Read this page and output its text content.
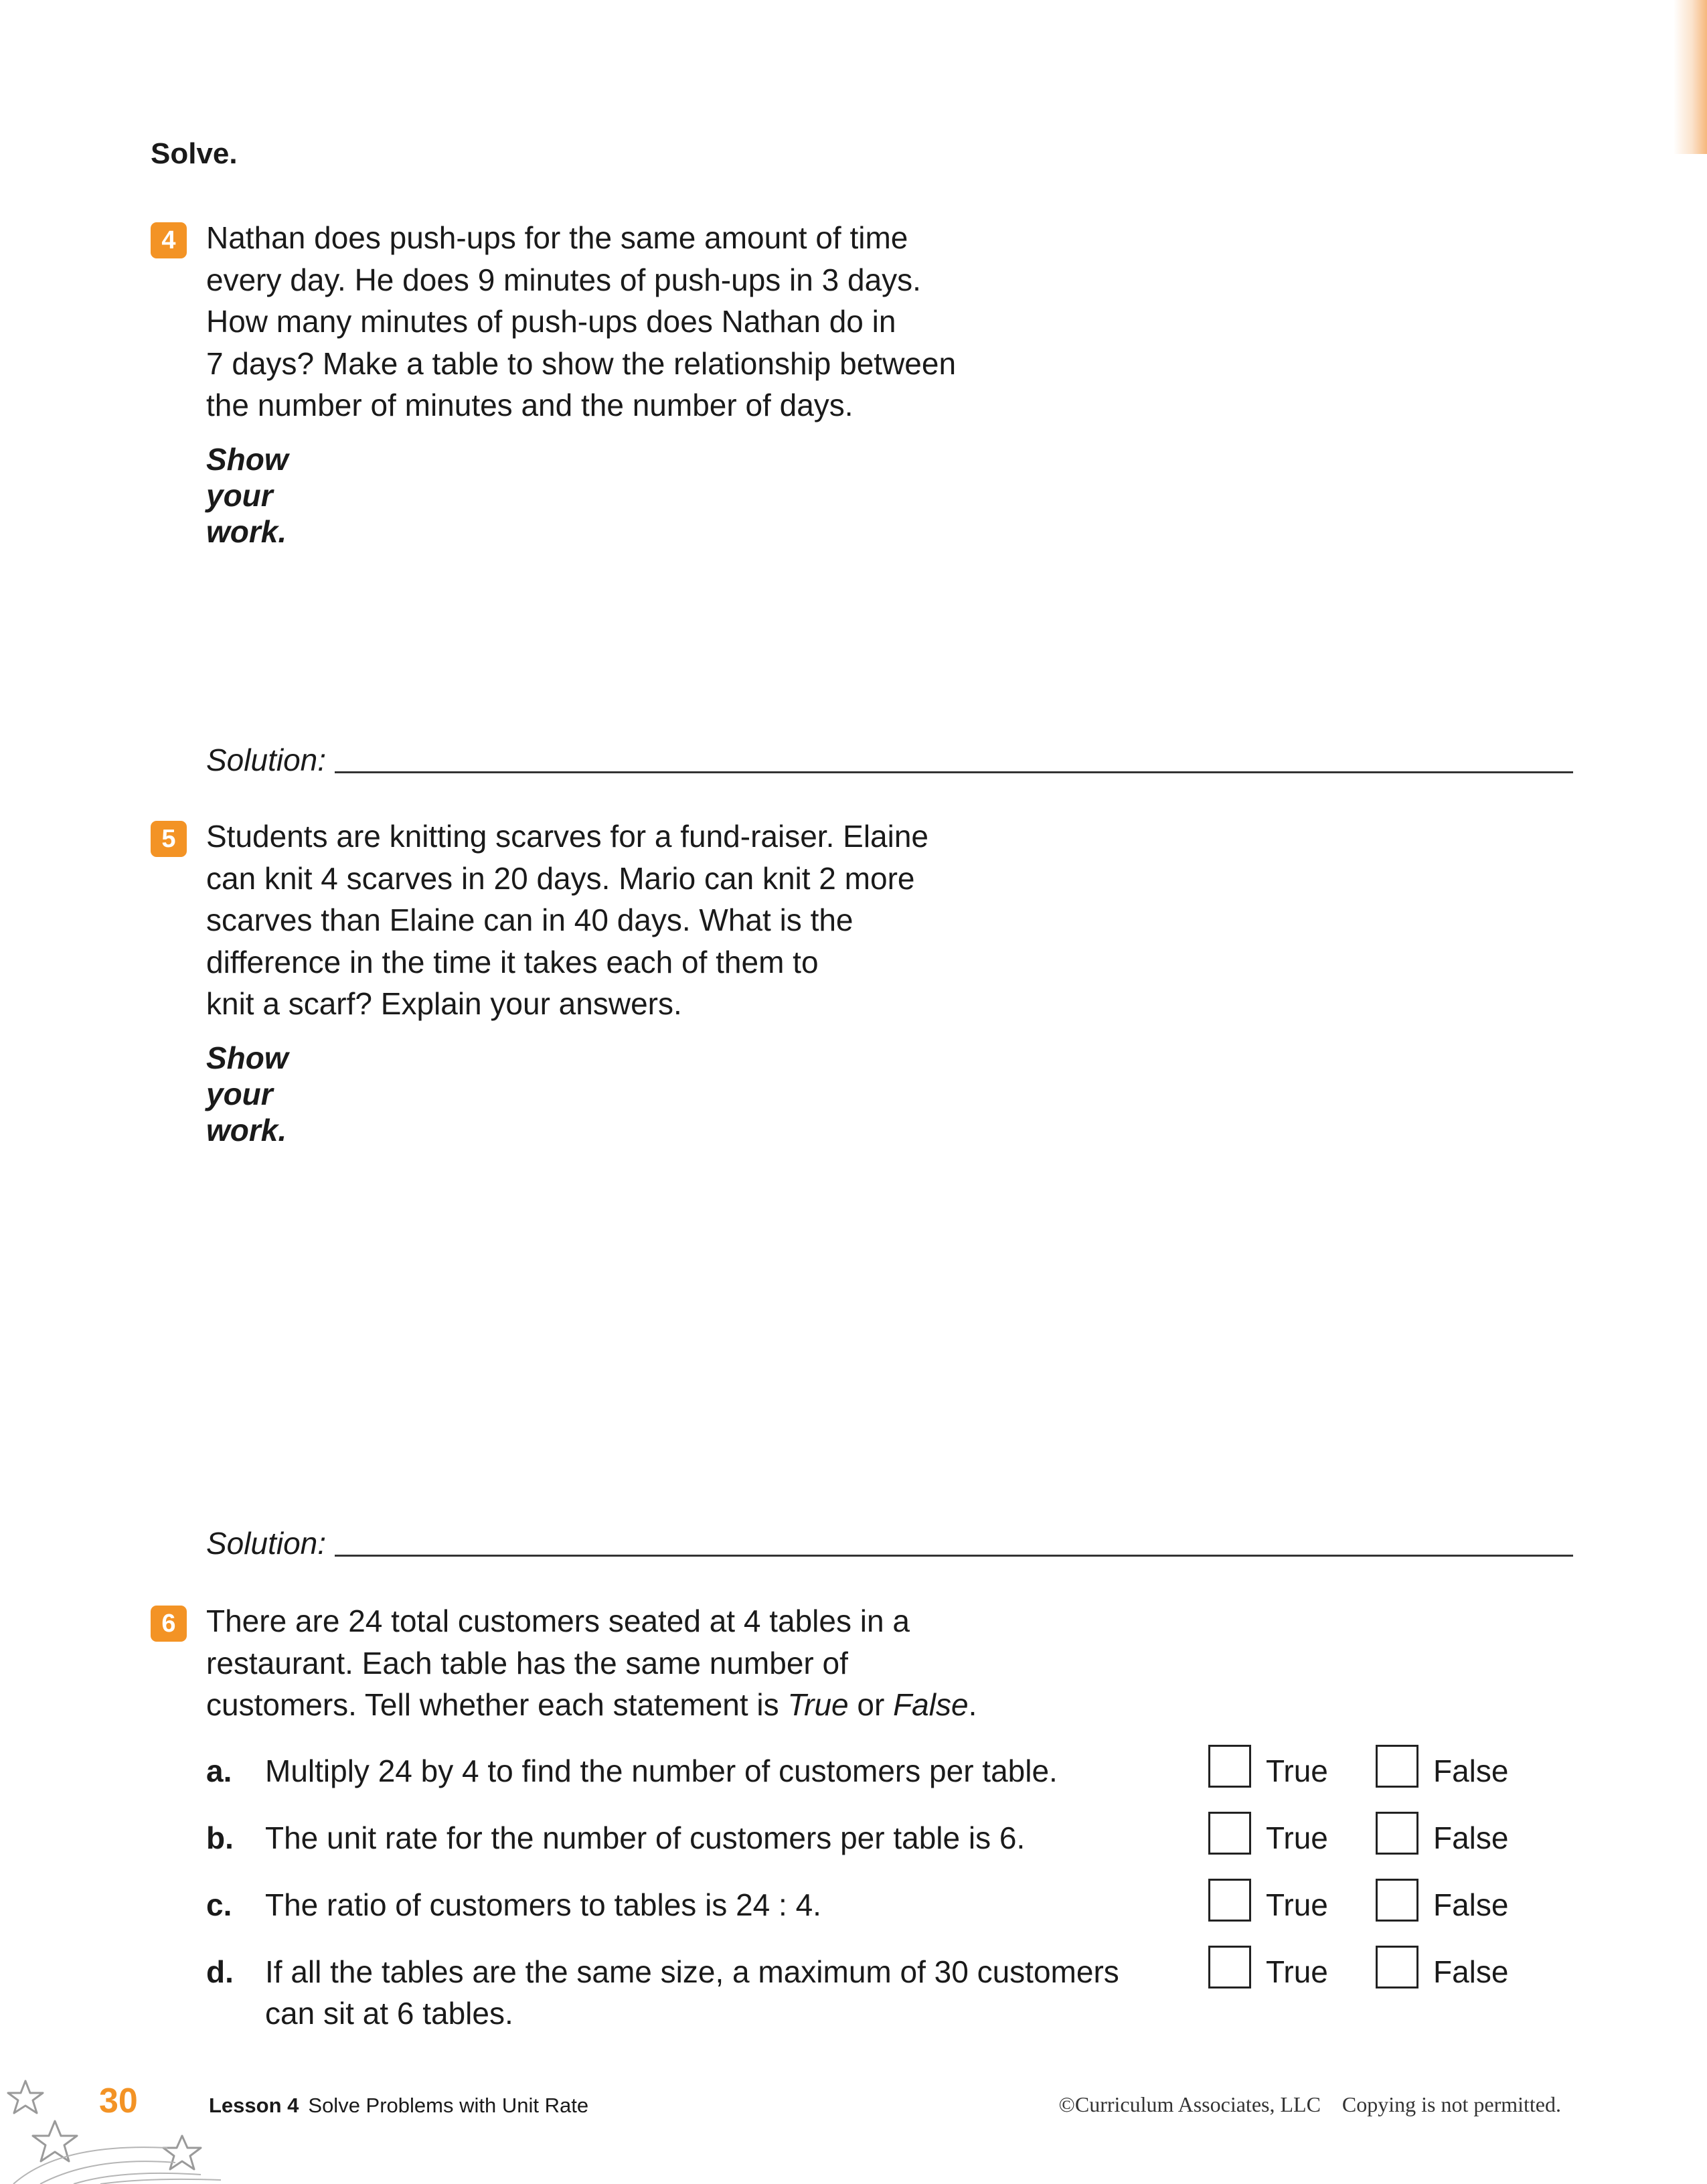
Solve.
4 Nathan does push-ups for the same amount of time
every day. He does 9 minutes of push-ups in 3 days.
How many minutes of push-ups does Nathan do in
7 days? Make a table to show the relationship between
the number of minutes and the number of days.
Show your work.
Solution:
5 Students are knitting scarves for a fund-raiser. Elaine
can knit 4 scarves in 20 days. Mario can knit 2 more
scarves than Elaine can in 40 days. What is the
difference in the time it takes each of them to
knit a scarf? Explain your answers.
Show your work.
Solution:
6 There are 24 total customers seated at 4 tables in a
restaurant. Each table has the same number of
customers. Tell whether each statement is True or False.
a. Multiply 24 by 4 to find the number of customers per table.	True	False
b. The unit rate for the number of customers per table is 6.	True	False
c. The ratio of customers to tables is 24 : 4.	True	False
d. If all the tables are the same size, a maximum of 30 customers
can sit at 6 tables.
True	False
30	Lesson 4 Solve Problems with Unit Rate	©Curriculum Associates, LLC    Copying is not permitted.
